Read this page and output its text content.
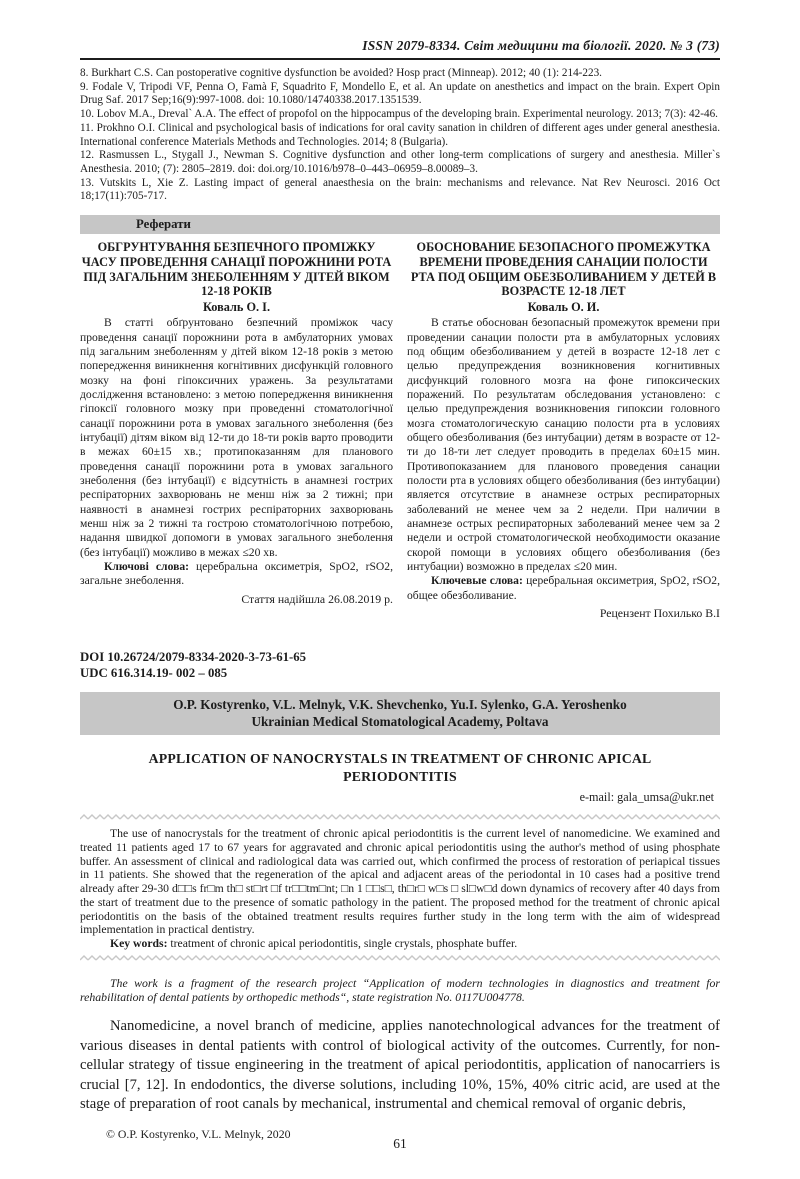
ISSN 2079-8334. Світ медицини та біології. 2020. № 3 (73)

8. Burkhart C.S. Can postoperative cognitive dysfunction be avoided? Hosp pract (Minneap). 2012; 40 (1): 214-223.

9. Fodale V, Tripodi VF, Penna O, Famà F, Squadrito F, Mondello E, et al. An update on anesthetics and impact on the brain. Expert Opin Drug Saf. 2017 Sep;16(9):997-1008. doi: 10.1080/14740338.2017.1351539.

10. Lobov M.A., Dreval` A.A. The effect of propofol on the hippocampus of the developing brain. Experimental neurology. 2013; 7(3): 42-46.

11. Prokhno O.I. Clinical and psychological basis of indications for oral cavity sanation in children of different ages under general anesthesia. International conference Materials Methods and Technologies. 2014; 8 (Bulgaria).

12. Rasmussen L., Stygall J., Newman S. Cognitive dysfunction and other long-term complications of surgery and anesthesia. Miller`s Anesthesia. 2010; (7): 2805–2819. doi: doi.org/10.1016/b978–0–443–06959–8.00089–3.

13. Vutskits L, Xie Z. Lasting impact of general anaesthesia on the brain: mechanisms and relevance. Nat Rev Neurosci. 2016 Oct 18;17(11):705-717.

Реферати
ОБГРУНТУВАННЯ БЕЗПЕЧНОГО ПРОМІЖКУ ЧАСУ ПРОВЕДЕННЯ САНАЦІЇ ПОРОЖНИНИ РОТА ПІД ЗАГАЛЬНИМ ЗНЕБОЛЕННЯМ У ДІТЕЙ ВІКОМ 12-18 РОКІВ
Коваль О. І.

В статті обґрунтовано безпечний проміжок часу проведення санації порожнини рота в амбулаторних умовах під загальним знеболенням у дітей віком 12-18 років з метою попередження виникнення когнітивних дисфункцій головного мозку на фоні гіпоксичних уражень. За результатами дослідження встановлено: з метою попередження виникнення гіпоксії головного мозку при проведенні стоматологічної санації порожнини рота в умовах загального знеболення (без інтубації) дітям віком від 12-ти до 18-ти років варто проводити в межах 60±15 хв.; протипоказанням для планового проведення санації порожнини рота в умовах загального знеболення (без інтубації) є відсутність в анамнезі гострих респіраторних захворювань не менш ніж за 2 тижні; при наявності в анамнезі гострих респіраторних захворювань менш ніж за 2 тижні та гострою стоматологічною потребою, надання швидкої допомоги в умовах загального знеболення (без інтубації) можливо в межах ≤20 хв.

Ключові слова: церебральна оксиметрія, SpO2, rSO2, загальне знеболення.

Стаття надійшла 26.08.2019 р.
ОБОСНОВАНИЕ БЕЗОПАСНОГО ПРОМЕЖУТКА ВРЕМЕНИ ПРОВЕДЕНИЯ САНАЦИИ ПОЛОСТИ РТА ПОД ОБЩИМ ОБЕЗБОЛИВАНИЕМ У ДЕТЕЙ В ВОЗРАСТЕ 12-18 ЛЕТ
Коваль О. И.

В статье обоснован безопасный промежуток времени при проведении санации полости рта в амбулаторных условиях под общим обезболиванием у детей в возрасте 12-18 лет с целью предупреждения возникновения когнитивных дисфункций головного мозга на фоне гипоксических поражений. По результатам обследования установлено: с целью предупреждения возникновения гипоксии головного мозга стоматологическую санацию полости рта в условиях общего обезболивания (без интубации) детям в возрасте от 12-ти до 18-ти лет следует проводить в пределах 60±15 мин. Противопоказанием для планового проведения санации полости рта в условиях общего обезболивания (без интубации) является отсутствие в анамнезе острых респираторных заболеваний не менее чем за 2 недели. При наличии в анамнезе острых респираторных заболеваний менее чем за 2 недели и острой стоматологической необходимости оказание скорой помощи в условиях общего обезболивания (без интубации) возможно в пределах ≤20 мин.

Ключевые слова: церебральная оксиметрия, SpO2, rSO2, общее обезболивание.

Рецензент Похилько В.І
DOI 10.26724/2079-8334-2020-3-73-61-65
UDC 616.314.19- 002 – 085
O.P. Kostyrenko, V.L. Melnyk, V.K. Shevchenko, Yu.I. Sylenko, G.A. Yeroshenko
Ukrainian Medical Stomatological Academy, Poltava
APPLICATION OF NANOCRYSTALS IN TREATMENT OF CHRONIC APICAL PERIODONTITIS
e-mail: gala_umsa@ukr.net

The use of nanocrystals for the treatment of chronic apical periodontitis is the current level of nanomedicine. We examined and treated 11 patients aged 17 to 67 years for aggravated and chronic apical periodontitis using the author's method of using phosphate buffer. An assessment of clinical and radiological data was carried out, which confirmed the process of restoration of periapical tissues in 11 patients. She showed that the regeneration of the apical and adjacent areas of the periodontal in 10 cases had a positive trend already after 29-30 d□□s fr□m th□ st□rt □f tr□□tm□nt; □n 1 □□s□, th□r□ w□s □ sl□w□d down dynamics of recovery after 40 days from the start of treatment due to the presence of somatic pathology in the patient. The proposed method for the treatment of chronic apical periodontitis on the basis of the obtained treatment results requires further study in the long term with the aim of widespread implementation in practical dentistry.

Key words: treatment of chronic apical periodontitis, single crystals, phosphate buffer.

The work is a fragment of the research project “Application of modern technologies in diagnostics and treatment for rehabilitation of dental patients by orthopedic methods“, state registration No. 0117U004778.

Nanomedicine, a novel branch of medicine, applies nanotechnological advances for the treatment of various diseases in dental patients with control of biological activity of the outcomes. Currently, for non-cellular strategy of tissue engineering in the treatment of apical periodontitis, application of nanocarriers is crucial [7, 12]. In endodontics, the diverse solutions, including 10%, 15%, 40% citric acid, are used at the stage of preparation of root canals by mechanical, instrumental and chemical removal of organic debris,

© O.P. Kostyrenko, V.L. Melnyk, 2020
61
